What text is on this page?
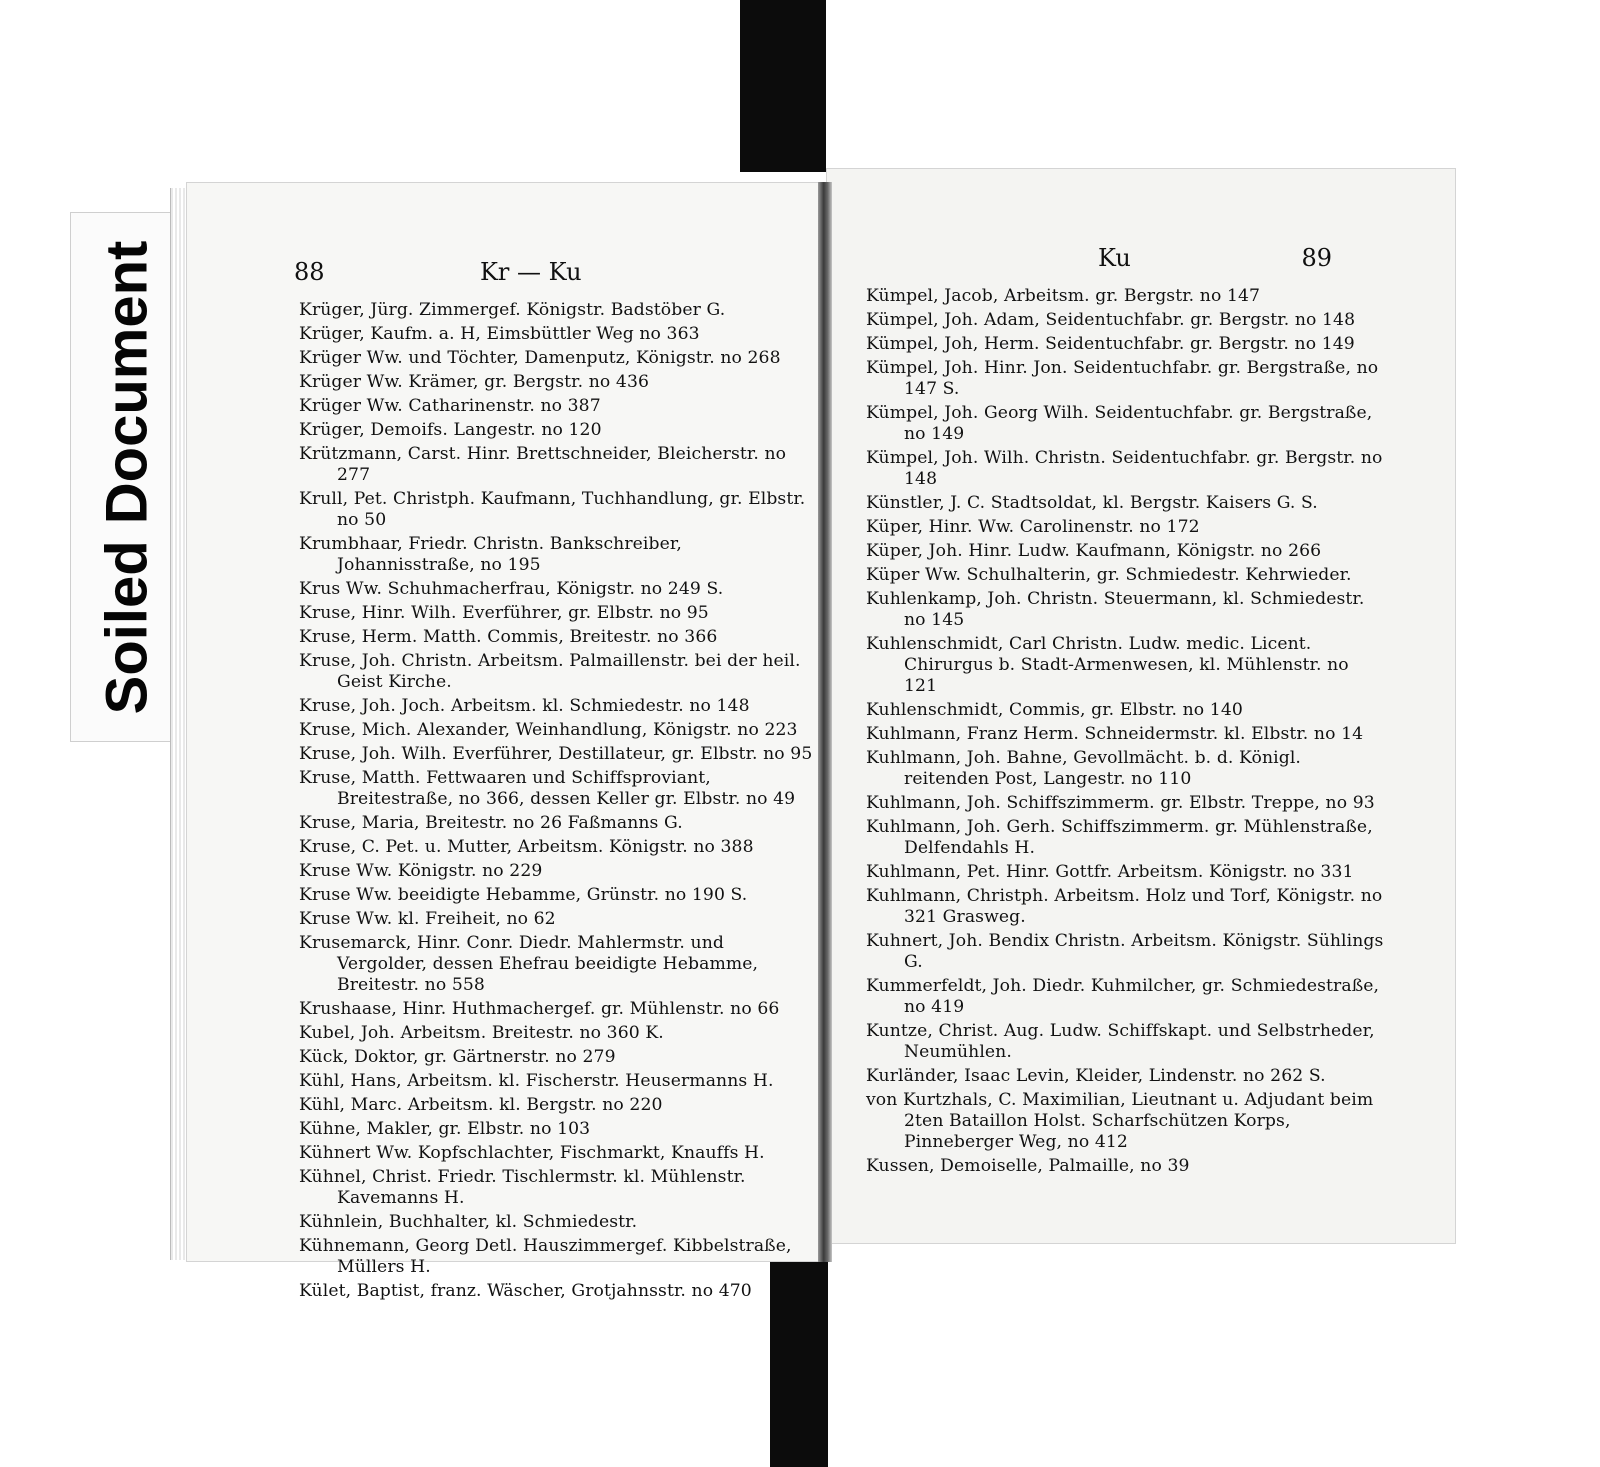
Soiled Document	88	Kr — Ku
Krüger, Jürg. Zimmergef. Königstr. Badstöber G.
Krüger, Kaufm. a. H, Eimsbüttler Weg no 363
Krüger Ww. und Töchter, Damenputz, Königstr. no 268
Krüger Ww. Krämer, gr. Bergstr. no 436
Krüger Ww. Catharinenstr. no 387
Krüger, Demoifs. Langestr. no 120
Krützmann, Carst. Hinr. Brettschneider, Bleicherstr. no 277
Krull, Pet. Christph. Kaufmann, Tuchhandlung, gr. Elbstr. no 50
Krumbhaar, Friedr. Christn. Bankschreiber, Johannisstraße, no 195
Krus Ww. Schuhmacherfrau, Königstr. no 249 S.
Kruse, Hinr. Wilh. Everführer, gr. Elbstr. no 95
Kruse, Herm. Matth. Commis, Breitestr. no 366
Kruse, Joh. Christn. Arbeitsm. Palmaillenstr. bei der heil. Geist Kirche.
Kruse, Joh. Joch. Arbeitsm. kl. Schmiedestr. no 148
Kruse, Mich. Alexander, Weinhandlung, Königstr. no 223
Kruse, Joh. Wilh. Everführer, Destillateur, gr. Elbstr. no 95
Kruse, Matth. Fettwaaren und Schiffsproviant, Breitestraße, no 366, dessen Keller gr. Elbstr. no 49
Kruse, Maria, Breitestr. no 26 Faßmanns G.
Kruse, C. Pet. u. Mutter, Arbeitsm. Königstr. no 388
Kruse Ww. Königstr. no 229
Kruse Ww. beeidigte Hebamme, Grünstr. no 190 S.
Kruse Ww. kl. Freiheit, no 62
Krusemarck, Hinr. Conr. Diedr. Mahlermstr. und Vergolder, dessen Ehefrau beeidigte Hebamme, Breitestr. no 558
Krushaase, Hinr. Huthmachergef. gr. Mühlenstr. no 66
Kubel, Joh. Arbeitsm. Breitestr. no 360 K.
Kück, Doktor, gr. Gärtnerstr. no 279
Kühl, Hans, Arbeitsm. kl. Fischerstr. Heusermanns H.
Kühl, Marc. Arbeitsm. kl. Bergstr. no 220
Kühne, Makler, gr. Elbstr. no 103
Kühnert Ww. Kopfschlachter, Fischmarkt, Knauffs H.
Kühnel, Christ. Friedr. Tischlermstr. kl. Mühlenstr. Kavemanns H.
Kühnlein, Buchhalter, kl. Schmiedestr.
Kühnemann, Georg Detl. Hauszimmergef. Kibbelstraße, Müllers H.
Kület, Baptist, franz. Wäscher, Grotjahnsstr. no 470
Ku	89
Kümpel, Jacob, Arbeitsm. gr. Bergstr. no 147
Kümpel, Joh. Adam, Seidentuchfabr. gr. Bergstr. no 148
Kümpel, Joh, Herm. Seidentuchfabr. gr. Bergstr. no 149
Kümpel, Joh. Hinr. Jon. Seidentuchfabr. gr. Bergstraße, no 147 S.
Kümpel, Joh. Georg Wilh. Seidentuchfabr. gr. Bergstraße, no 149
Kümpel, Joh. Wilh. Christn. Seidentuchfabr. gr. Bergstr. no 148
Künstler, J. C. Stadtsoldat, kl. Bergstr. Kaisers G. S.
Küper, Hinr. Ww. Carolinenstr. no 172
Küper, Joh. Hinr. Ludw. Kaufmann, Königstr. no 266
Küper Ww. Schulhalterin, gr. Schmiedestr. Kehrwieder.
Kuhlenkamp, Joh. Christn. Steuermann, kl. Schmiedestr. no 145
Kuhlenschmidt, Carl Christn. Ludw. medic. Licent. Chirurgus b. Stadt-Armenwesen, kl. Mühlenstr. no 121
Kuhlenschmidt, Commis, gr. Elbstr. no 140
Kuhlmann, Franz Herm. Schneidermstr. kl. Elbstr. no 14
Kuhlmann, Joh. Bahne, Gevollmächt. b. d. Königl. reitenden Post, Langestr. no 110
Kuhlmann, Joh. Schiffszimmerm. gr. Elbstr. Treppe, no 93
Kuhlmann, Joh. Gerh. Schiffszimmerm. gr. Mühlenstraße, Delfendahls H.
Kuhlmann, Pet. Hinr. Gottfr. Arbeitsm. Königstr. no 331
Kuhlmann, Christph. Arbeitsm. Holz und Torf, Königstr. no 321 Grasweg.
Kuhnert, Joh. Bendix Christn. Arbeitsm. Königstr. Sühlings G.
Kummerfeldt, Joh. Diedr. Kuhmilcher, gr. Schmiedestraße, no 419
Kuntze, Christ. Aug. Ludw. Schiffskapt. und Selbstrheder, Neumühlen.
Kurländer, Isaac Levin, Kleider, Lindenstr. no 262 S.
von Kurtzhals, C. Maximilian, Lieutnant u. Adjudant beim 2ten Bataillon Holst. Scharfschützen Korps, Pinneberger Weg, no 412
Kussen, Demoiselle, Palmaille, no 39
